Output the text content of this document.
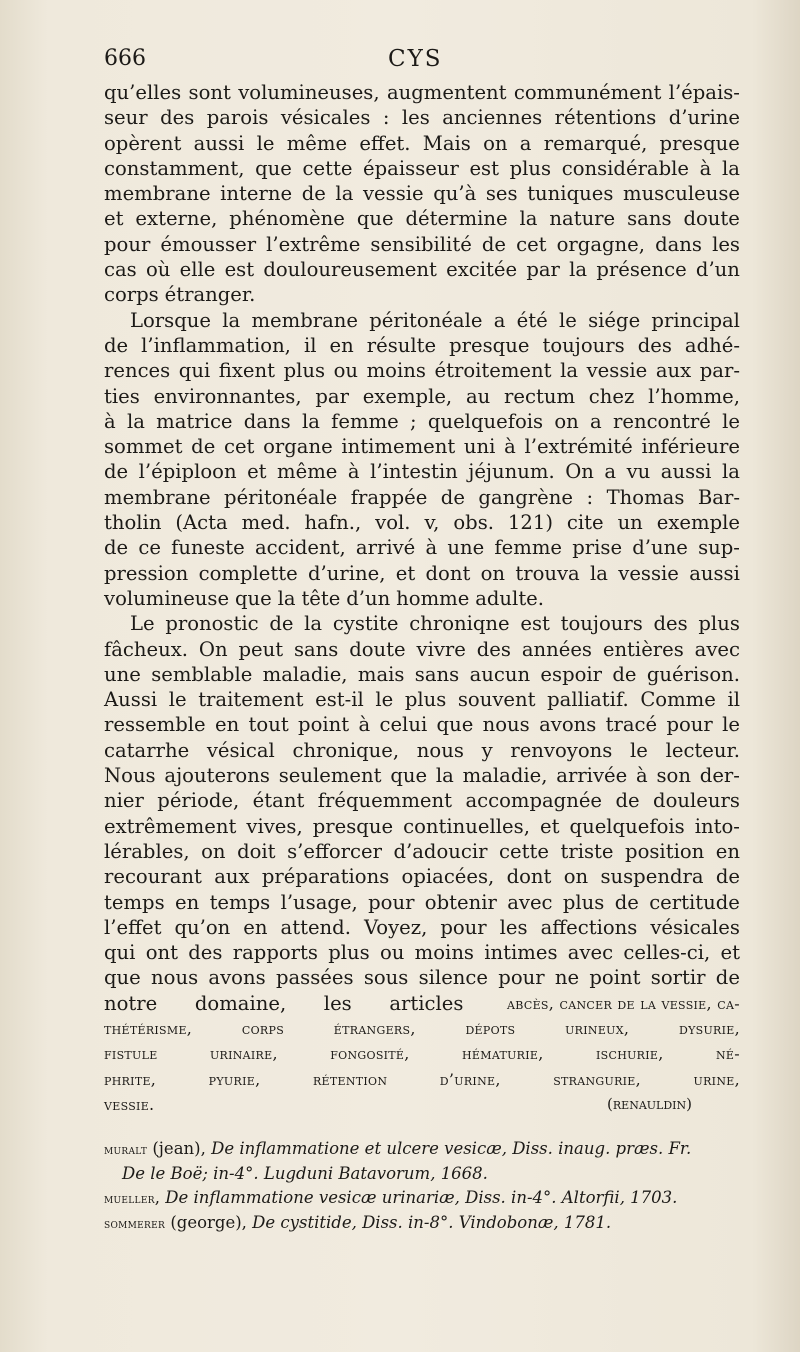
666	CYS
qu’elles sont volumineuses, augmentent communément l’épais-
seur des parois vésicales : les anciennes rétentions d’urine
opèrent aussi le même effet. Mais on a remarqué, presque
constamment, que cette épaisseur est plus considérable à la
membrane interne de la vessie qu’à ses tuniques musculeuse
et externe, phénomène que détermine la nature sans doute
pour émousser l’extrême sensibilité de cet orgagne, dans les
cas où elle est douloureusement excitée par la présence d’un
corps étranger.
Lorsque la membrane péritonéale a été le siége principal
de l’inflammation, il en résulte presque toujours des adhé-
rences qui fixent plus ou moins étroitement la vessie aux par-
ties environnantes, par exemple, au rectum chez l’homme,
à la matrice dans la femme ; quelquefois on a rencontré le
sommet de cet organe intimement uni à l’extrémité inférieure
de l’épiploon et même à l’intestin jéjunum. On a vu aussi la
membrane péritonéale frappée de gangrène : Thomas Bar-
tholin (Acta med. hafn., vol. v, obs. 121) cite un exemple
de ce funeste accident, arrivé à une femme prise d’une sup-
pression complette d’urine, et dont on trouva la vessie aussi
volumineuse que la tête d’un homme adulte.
Le pronostic de la cystite chroniqne est toujours des plus
fâcheux. On peut sans doute vivre des années entières avec
une semblable maladie, mais sans aucun espoir de guérison.
Aussi le traitement est-il le plus souvent palliatif. Comme il
ressemble en tout point à celui que nous avons tracé pour le
catarrhe vésical chronique, nous y renvoyons le lecteur.
Nous ajouterons seulement que la maladie, arrivée à son der-
nier période, étant fréquemment accompagnée de douleurs
extrêmement vives, presque continuelles, et quelquefois into-
lérables, on doit s’efforcer d’adoucir cette triste position en
recourant aux préparations opiacées, dont on suspendra de
temps en temps l’usage, pour obtenir avec plus de certitude
l’effet qu’on en attend. Voyez, pour les affections vésicales
qui ont des rapports plus ou moins intimes avec celles-ci, et
que nous avons passées sous silence pour ne point sortir de
notre domaine, les articles	abcès, cancer de la vessie, ca-
thétérisme,	corps	étrangers,	dépots	urineux,	dysurie,
fistule	urinaire,	fongosité,	hématurie,	ischurie,	né-
phrite,	pyurie,	rétention	d’urine,	strangurie,	urine,
vessie.	(renauldin)
muralt (jean), De inflammatione et ulcere vesicæ, Diss. inaug. præs. Fr.
De le Boë; in-4°. Lugduni Batavorum, 1668.
mueller, De inflammatione vesicæ urinariæ, Diss. in-4°. Altorfii, 1703.
sommerer (george), De cystitide, Diss. in-8°. Vindobonæ, 1781.
